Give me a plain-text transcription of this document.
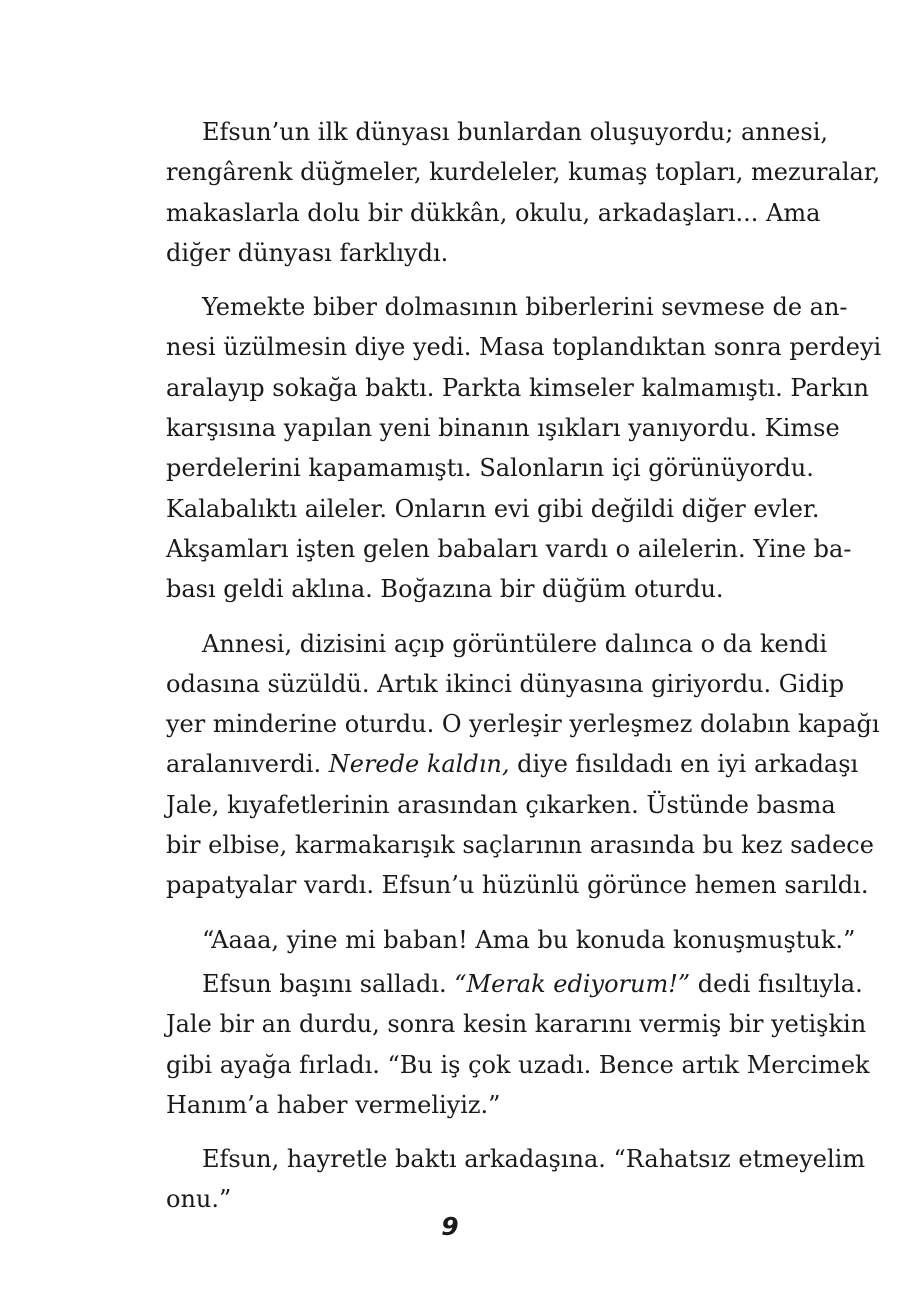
Efsun’un ilk dünyası bunlardan oluşuyordu; annesi,
rengârenk düğmeler, kurdeleler, kumaş topları, mezuralar,
makaslarla dolu bir dükkân, okulu, arkadaşları... Ama
diğer dünyası farklıydı.
Yemekte biber dolmasının biberlerini sevmese de an-
nesi üzülmesin diye yedi. Masa toplandıktan sonra perdeyi
aralayıp sokağa baktı. Parkta kimseler kalmamıştı. Parkın
karşısına yapılan yeni binanın ışıkları yanıyordu. Kimse
perdelerini kapamamıştı. Salonların içi görünüyordu.
Kalabalıktı aileler. Onların evi gibi değildi diğer evler.
Akşamları işten gelen babaları vardı o ailelerin. Yine ba-
bası geldi aklına. Boğazına bir düğüm oturdu.
Annesi, dizisini açıp görüntülere dalınca o da kendi
odasına süzüldü. Artık ikinci dünyasına giriyordu. Gidip
yer minderine oturdu. O yerleşir yerleşmez dolabın kapağı
aralanıverdi. Nerede kaldın, diye fısıldadı en iyi arkadaşı
Jale, kıyafetlerinin arasından çıkarken. Üstünde basma
bir elbise, karmakarışık saçlarının arasında bu kez sadece
papatyalar vardı. Efsun’u hüzünlü görünce hemen sarıldı.
“Aaaa, yine mi baban! Ama bu konuda konuşmuştuk.”
Efsun başını salladı. “Merak ediyorum!” dedi fısıltıyla.
Jale bir an durdu, sonra kesin kararını vermiş bir yetişkin
gibi ayağa fırladı. “Bu iş çok uzadı. Bence artık Mercimek
Hanım’a haber vermeliyiz.”
Efsun, hayretle baktı arkadaşına. “Rahatsız etmeyelim
onu.”
9
